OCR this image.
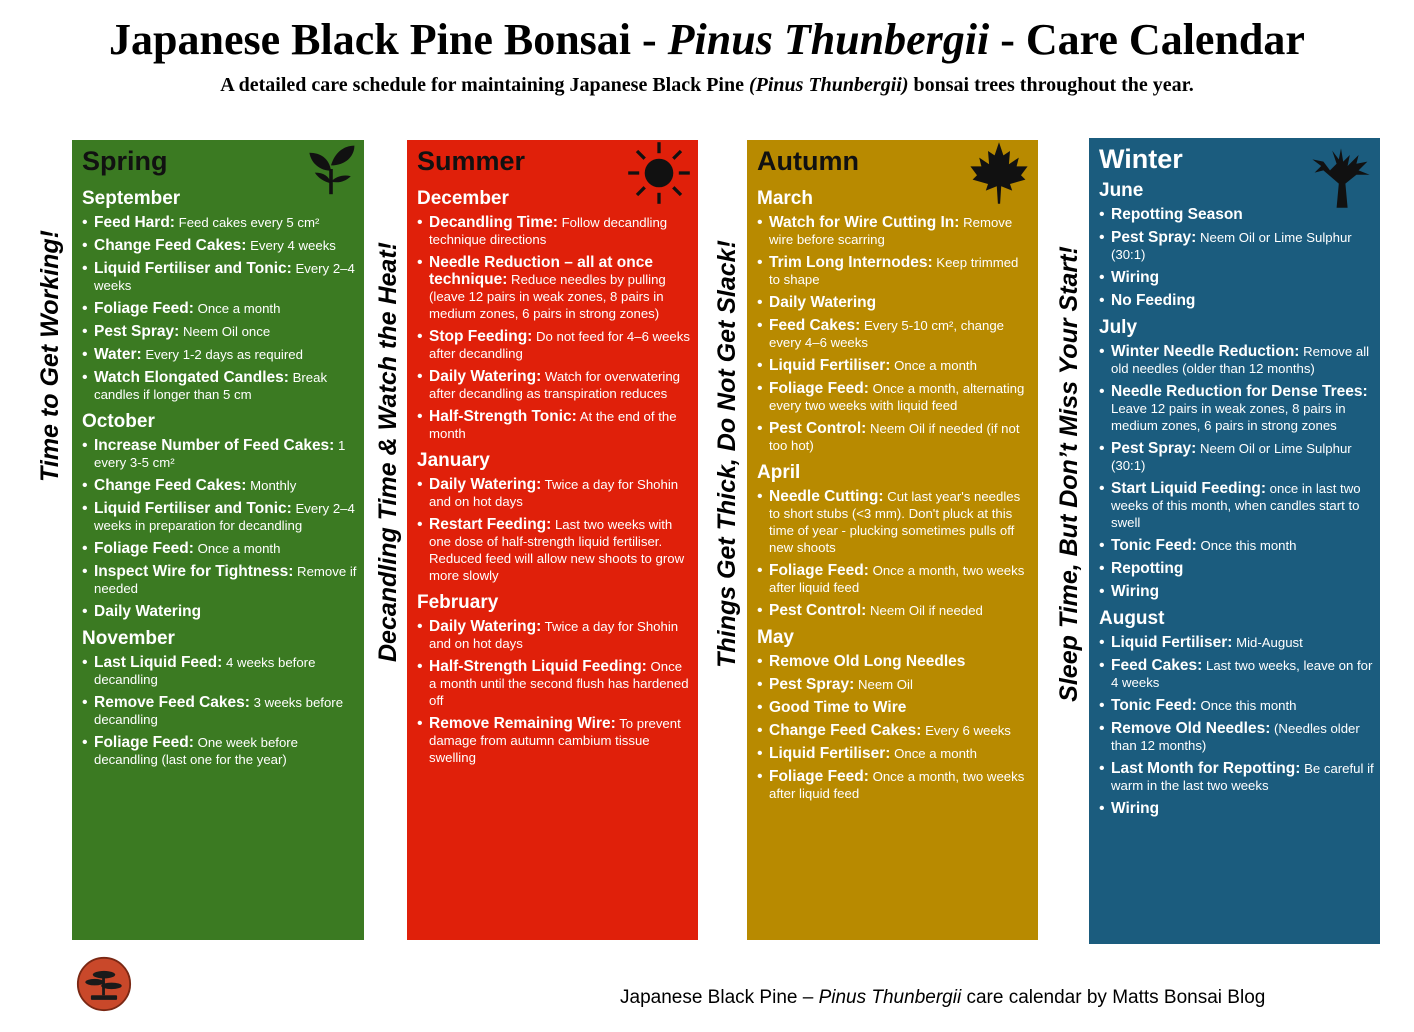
Japanese Black Pine Bonsai - Pinus Thunbergii - Care Calendar
A detailed care schedule for maintaining Japanese Black Pine (Pinus Thunbergii) bonsai trees throughout the year.
Time to Get Working!	Decandling Time & Watch the Heat!	Things Get Thick, Do Not Get Slack!	Sleep Time, But Don’t Miss Your Start!
Spring
September
• Feed Hard: Feed cakes every 5 cm²
• Change Feed Cakes: Every 4 weeks
• Liquid Fertiliser and Tonic: Every 2–4 weeks
• Foliage Feed: Once a month
• Pest Spray: Neem Oil once
• Water: Every 1-2 days as required
• Watch Elongated Candles: Break candles if longer than 5 cm
October
• Increase Number of Feed Cakes: 1 every 3-5 cm²
• Change Feed Cakes: Monthly
• Liquid Fertiliser and Tonic: Every 2–4 weeks in preparation for decandling
• Foliage Feed: Once a month
• Inspect Wire for Tightness: Remove if needed
• Daily Watering
November
• Last Liquid Feed: 4 weeks before decandling
• Remove Feed Cakes: 3 weeks before decandling
• Foliage Feed: One week before decandling (last one for the year)
Summer
December
• Decandling Time: Follow decandling technique directions
• Needle Reduction – all at once technique: Reduce needles by pulling (leave 12 pairs in weak zones, 8 pairs in medium zones, 6 pairs in strong zones)
• Stop Feeding: Do not feed for 4–6 weeks after decandling
• Daily Watering: Watch for overwatering after decandling as transpiration reduces
• Half-Strength Tonic: At the end of the month
January
• Daily Watering: Twice a day for Shohin and on hot days
• Restart Feeding: Last two weeks with one dose of half-strength liquid fertiliser. Reduced feed will allow new shoots to grow more slowly
February
• Daily Watering: Twice a day for Shohin and on hot days
• Half-Strength Liquid Feeding: Once a month until the second flush has hardened off
• Remove Remaining Wire: To prevent damage from autumn cambium tissue swelling
Autumn
March
• Watch for Wire Cutting In: Remove wire before scarring
• Trim Long Internodes: Keep trimmed to shape
• Daily Watering
• Feed Cakes: Every 5-10 cm², change every 4–6 weeks
• Liquid Fertiliser: Once a month
• Foliage Feed: Once a month, alternating every two weeks with liquid feed
• Pest Control: Neem Oil if needed (if not too hot)
April
• Needle Cutting: Cut last year's needles to short stubs (<3 mm). Don't pluck at this time of year - plucking sometimes pulls off new shoots
• Foliage Feed: Once a month, two weeks after liquid feed
• Pest Control: Neem Oil if needed
May
• Remove Old Long Needles
• Pest Spray: Neem Oil
• Good Time to Wire
• Change Feed Cakes: Every 6 weeks
• Liquid Fertiliser: Once a month
• Foliage Feed: Once a month, two weeks after liquid feed
Winter
June
• Repotting Season
• Pest Spray: Neem Oil or Lime Sulphur (30:1)
• Wiring
• No Feeding
July
• Winter Needle Reduction: Remove all old needles (older than 12 months)
• Needle Reduction for Dense Trees: Leave 12 pairs in weak zones, 8 pairs in medium zones, 6 pairs in strong zones
• Pest Spray: Neem Oil or Lime Sulphur (30:1)
• Start Liquid Feeding: once in last two weeks of this month, when candles start to swell
• Tonic Feed: Once this month
• Repotting
• Wiring
August
• Liquid Fertiliser: Mid-August
• Feed Cakes: Last two weeks, leave on for 4 weeks
• Tonic Feed: Once this month
• Remove Old Needles: (Needles older than 12 months)
• Last Month for Repotting: Be careful if warm in the last two weeks
• Wiring
Japanese Black Pine – Pinus Thunbergii care calendar by Matts Bonsai Blog
